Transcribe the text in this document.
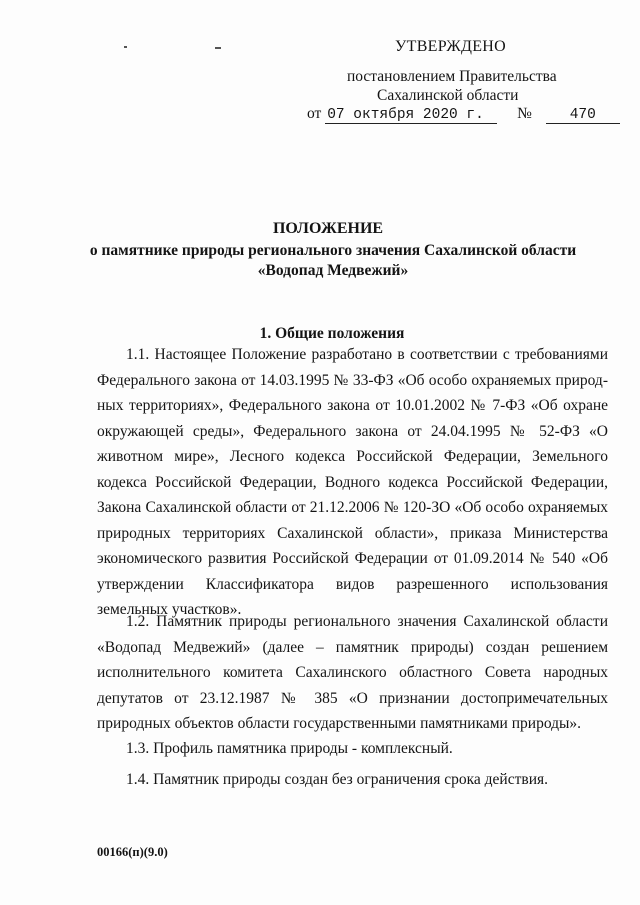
УТВЕРЖДЕНО
постановлением Правительства
Сахалинской области
от 07 октября 2020 г. №	470
ПОЛОЖЕНИЕ
о памятнике природы регионального значения Сахалинской области
«Водопад Медвежий»
1. Общие положения

1.1. Настоящее Положение разработано в соответствии с требованиями Федерального закона от 14.03.1995 № 33-ФЗ «Об особо охраняемых природных территориях», Федерального закона от 10.01.2002 № 7-ФЗ «Об охране окружающей среды», Федерального закона от 24.04.1995 № 52-ФЗ «О животном мире», Лесного кодекса Российской Федерации, Земельного кодекса Российской Федерации, Водного кодекса Российской Федерации, Закона Сахалинской области от 21.12.2006 № 120-ЗО «Об особо охраняемых природных территориях Сахалинской области», приказа Министерства экономического развития Российской Федерации от 01.09.2014 № 540 «Об утверждении Классификатора видов разрешенного использования земельных участков».

1.2. Памятник природы регионального значения Сахалинской области «Водопад Медвежий» (далее – памятник природы) создан решением исполнительного комитета Сахалинского областного Совета народных депутатов от 23.12.1987 № 385 «О признании достопримечательных природных объектов области государственными памятниками природы».

1.3. Профиль памятника природы - комплексный.

1.4. Памятник природы создан без ограничения срока действия.

00166(п)(9.0)
